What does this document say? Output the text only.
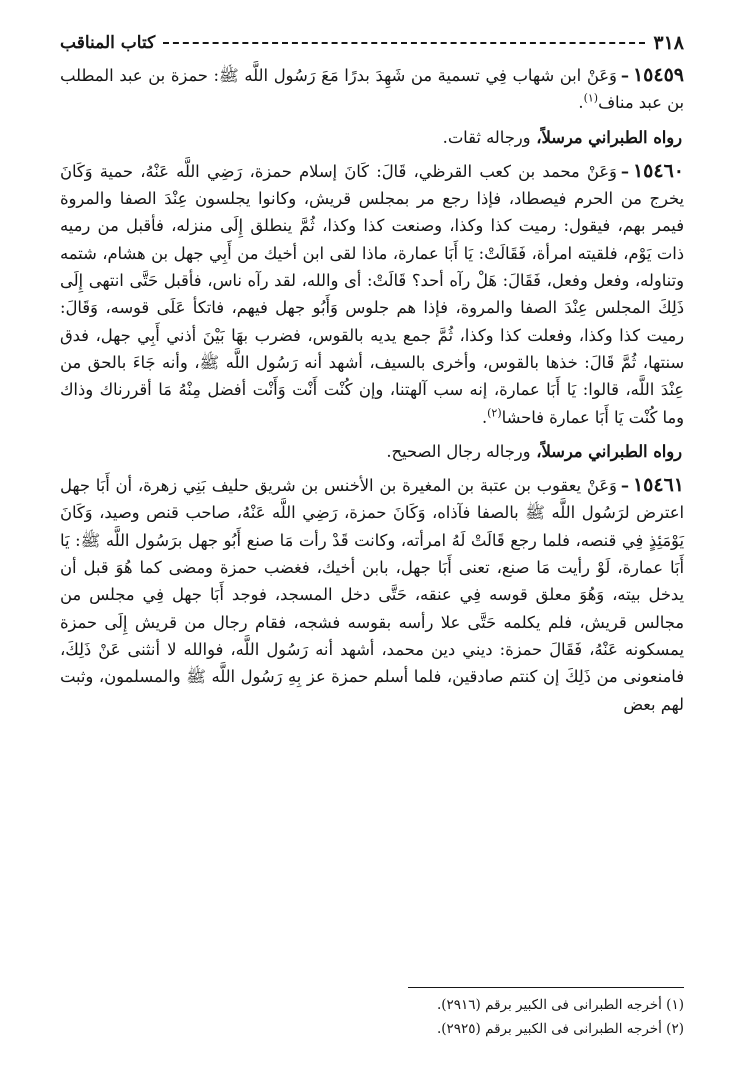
٣١٨
كتاب المناقب

١٥٤٥٩–وَعَنْ ابن شهاب فِي تسمية من شَهِدَ بدرًا مَعَ رَسُول اللَّه ﷺ: حمزة بن عبد المطلب بن عبد مناف$^{(١)}$.

رواه الطبراني مرسلاً، ورجاله ثقات.

١٥٤٦٠–وَعَنْ محمد بن كعب القرظي، قَالَ: كَانَ إسلام حمزة، رَضِي اللَّه عَنْهُ، حمية وَكَانَ يخرج من الحرم فيصطاد، فإذا رجع مر بمجلس قريش، وكانوا يجلسون عِنْدَ الصفا والمروة فيمر بهم، فيقول: رميت كذا وكذا، وصنعت كذا وكذا، ثُمَّ ينطلق إِلَى منزله، فأقبل من رميه ذات يَوْم، فلقيته امرأة، فَقَالَتْ: يَا أَبَا عمارة، ماذا لقى ابن أخيك من أَبِي جهل بن هشام، شتمه وتناوله، وفعل وفعل، فَقَالَ: هَلْ رآه أحد؟ قَالَتْ: أى والله، لقد رآه ناس، فأقبل حَتَّى انتهى إِلَى ذَلِكَ المجلس عِنْدَ الصفا والمروة، فإذا هم جلوس وَأَبُو جهل فيهم، فاتكأ عَلَى قوسه، وَقَالَ: رميت كذا وكذا، وفعلت كذا وكذا، ثُمَّ جمع يديه بالقوس، فضرب بهَا بَيْنَ أذني أَبِي جهل، فدق سنتها، ثُمَّ قَالَ: خذها بالقوس، وأخرى بالسيف، أشهد أنه رَسُول اللَّه ﷺ، وأنه جَاءَ بالحق من عِنْدَ اللَّه، قالوا: يَا أَبَا عمارة، إنه سب آلهتنا، وإن كُنْت أَنْت وَأَنْت أفضل مِنْهُ مَا أقررناك وذاك وما كُنْت يَا أَبَا عمارة فاحشا$^{(٢)}$.

رواه الطبراني مرسلاً، ورجاله رجال الصحيح.

١٥٤٦١–وَعَنْ يعقوب بن عتبة بن المغيرة بن الأخنس بن شريق حليف بَنِي زهرة، أن أَبَا جهل اعترض لرَسُول اللَّه ﷺ بالصفا فآذاه، وَكَانَ حمزة، رَضِي اللَّه عَنْهُ، صاحب قنص وصيد، وَكَانَ يَوْمَئِذٍ فِي قنصه، فلما رجع قَالَتْ لَهُ امرأته، وكانت قَدْ رأت مَا صنع أَبُو جهل برَسُول اللَّه ﷺ: يَا أَبَا عمارة، لَوْ رأيت مَا صنع، تعنى أَبَا جهل، بابن أخيك، فغضب حمزة ومضى كما هُوَ قبل أن يدخل بيته، وَهُوَ معلق قوسه فِي عنقه، حَتَّى دخل المسجد، فوجد أَبَا جهل فِي مجلس من مجالس قريش، فلم يكلمه حَتَّى علا رأسه بقوسه فشجه، فقام رجال من قريش إِلَى حمزة يمسكونه عَنْهُ، فَقَالَ حمزة: ديني دين محمد، أشهد أنه رَسُول اللَّه، فوالله لا أنثنى عَنْ ذَلِكَ، فامنعونى من ذَلِكَ إن كنتم صادقين، فلما أسلم حمزة عز بِهِ رَسُول اللَّه ﷺ والمسلمون، وثبت لهم بعض

(١) أخرجه الطبرانى فى الكبير برقم (٢٩١٦).

(٢) أخرجه الطبرانى فى الكبير برقم (٢٩٢٥).
